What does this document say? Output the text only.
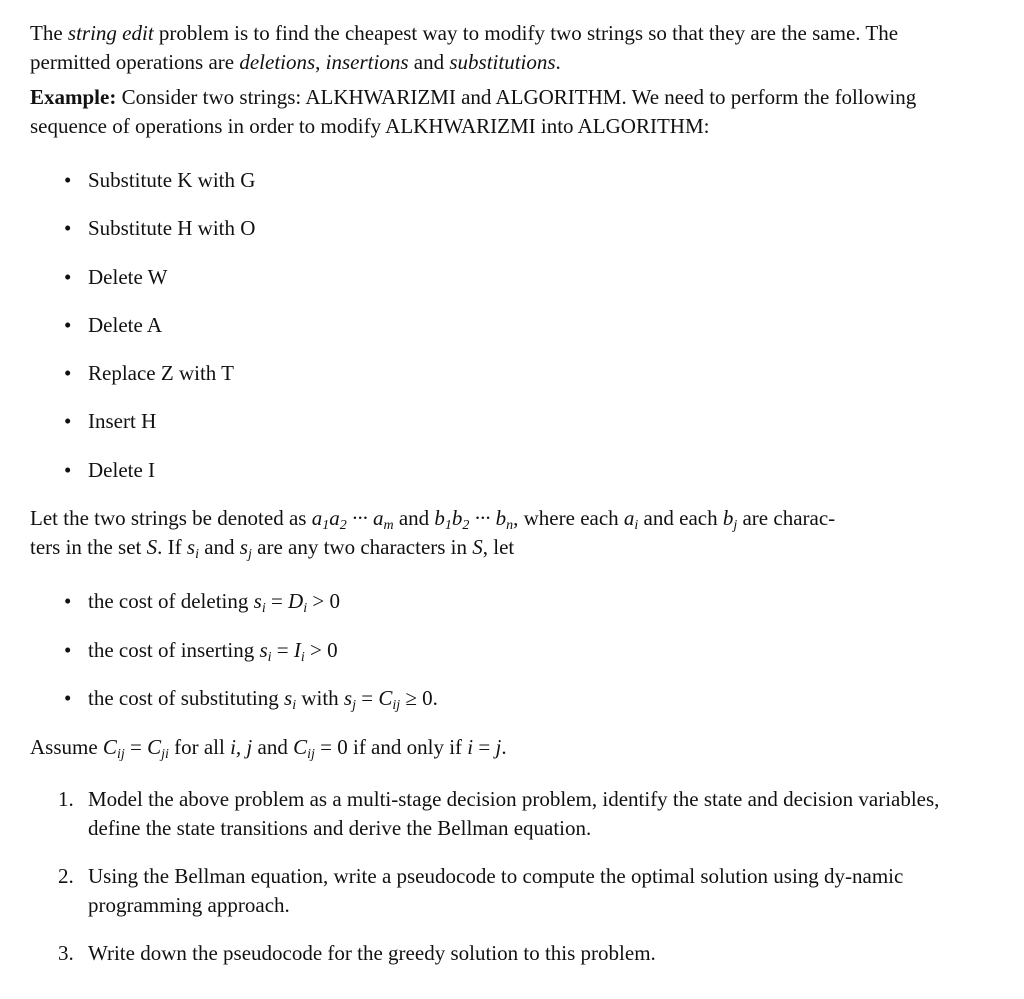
The string edit problem is to find the cheapest way to modify two strings so that they are the same. The permitted operations are deletions, insertions and substitutions.

Example: Consider two strings: ALKHWARIZMI and ALGORITHM. We need to perform the following sequence of operations in order to modify ALKHWARIZMI into ALGORITHM:

• Substitute K with G
• Substitute H with O
• Delete W
• Delete A
• Replace Z with T
• Insert H
• Delete I

Let the two strings be denoted as $a_1a_2$ ··· $a_m$ and $b_1b_2$ ··· $b_n$, where each $a_i$ and each $b_j$ are charac-
ters in the set S. If $s_i$ and $s_j$ are any two characters in S, let

• the cost of deleting $s_i = D_i > 0$
• the cost of inserting $s_i = I_i > 0$
• the cost of substituting $s_i$ with $s_j = C_{ij} \ge 0$.

Assume $C_{ij} = C_{ji}$ for all i, j and $C_{ij} = 0$ if and only if i = j.

1. Model the above problem as a multi-stage decision problem, identify the state and decision variables, define the state transitions and derive the Bellman equation.
2. Using the Bellman equation, write a pseudocode to compute the optimal solution using dy-namic programming approach.
3. Write down the pseudocode for the greedy solution to this problem.
